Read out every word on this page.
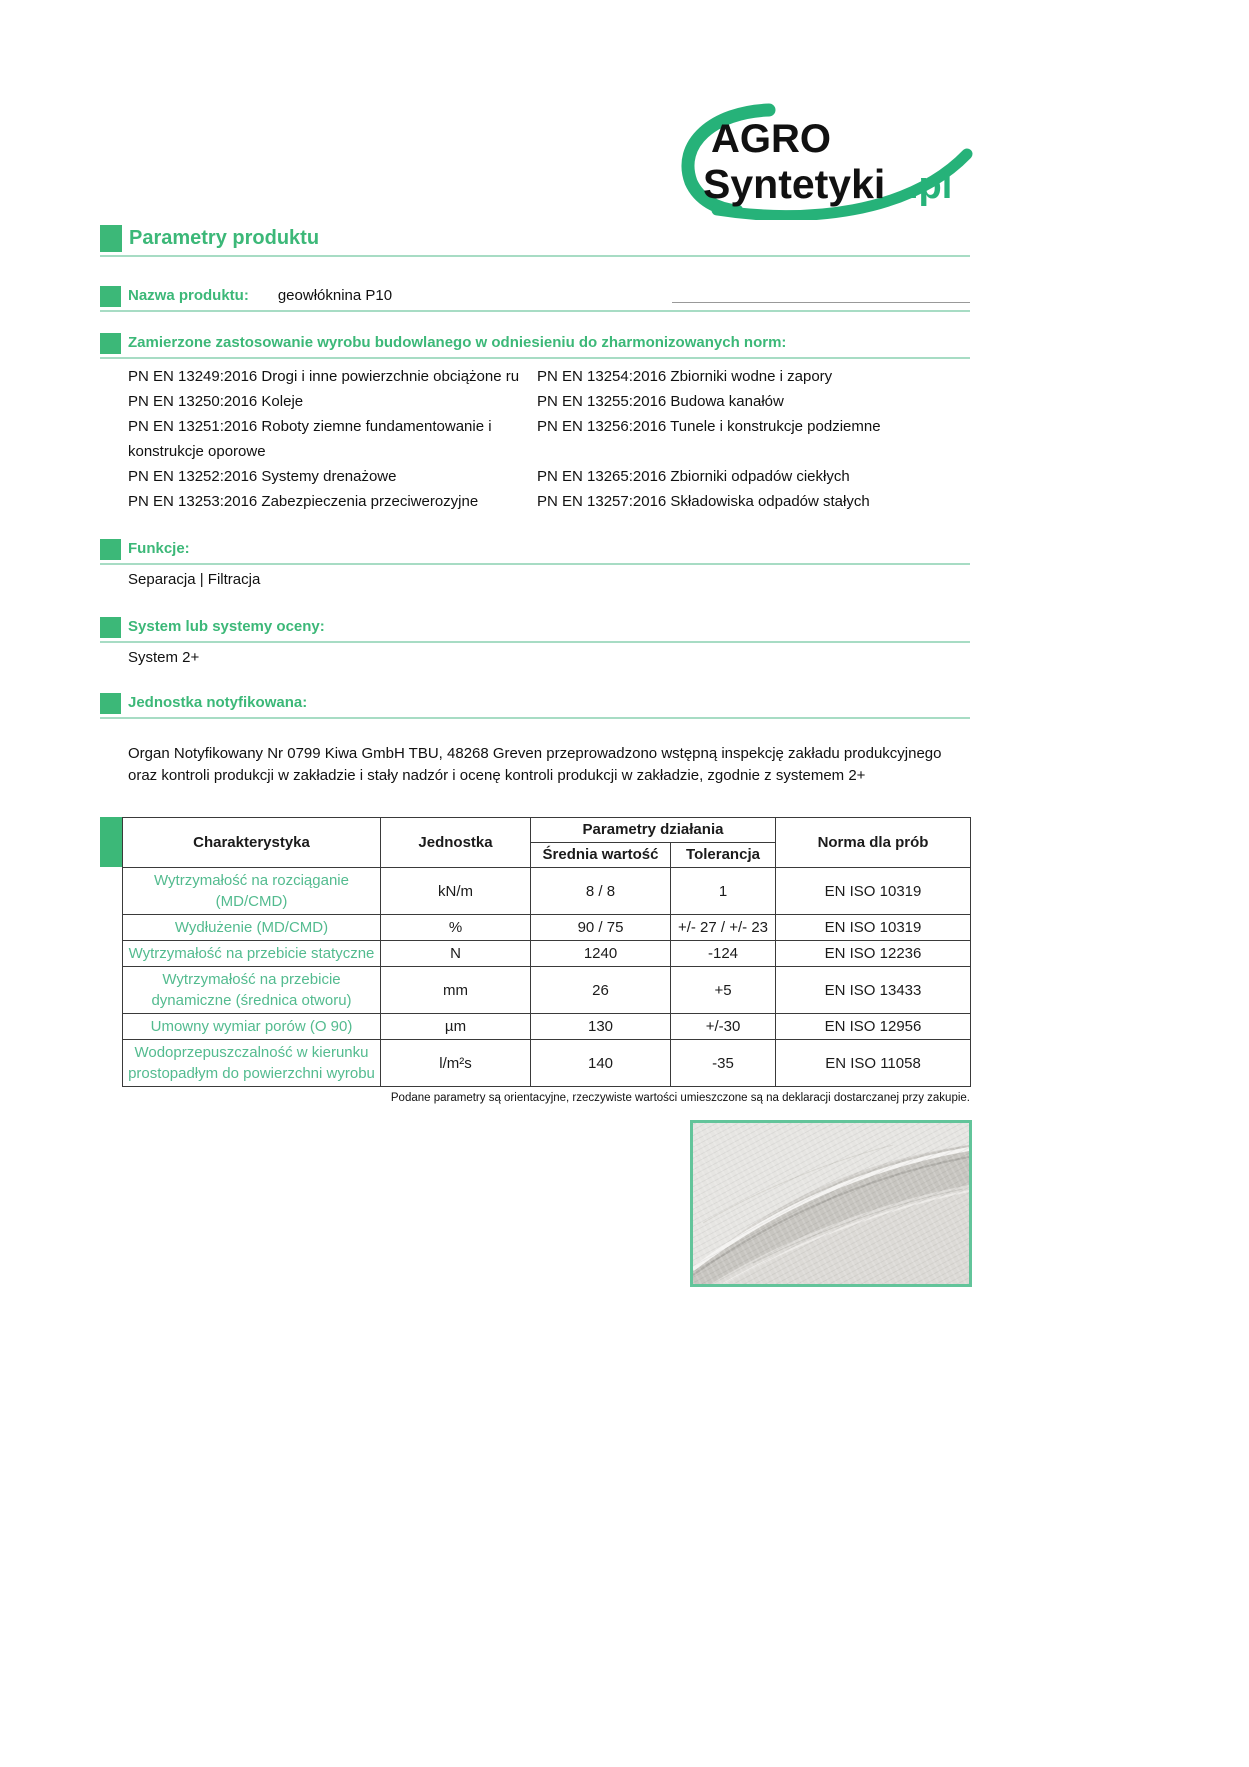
AGRO
Syntetyki .pl
Parametry produktu
Nazwa produktu: geowłóknina P10
Zamierzone zastosowanie wyrobu budowlanego w odniesieniu do zharmonizowanych norm:
PN EN 13249:2016 Drogi i inne powierzchnie obciążone ru	PN EN 13254:2016 Zbiorniki wodne i zapory
PN EN 13250:2016 Koleje	PN EN 13255:2016 Budowa kanałów
PN EN 13251:2016 Roboty ziemne fundamentowanie i konstrukcje oporowe
PN EN 13256:2016 Tunele i konstrukcje podziemne
PN EN 13252:2016 Systemy drenażowe	PN EN 13265:2016 Zbiorniki odpadów ciekłych
PN EN 13253:2016 Zabezpieczenia przeciwerozyjne	PN EN 13257:2016 Składowiska odpadów stałych
Funkcje:
Separacja | Filtracja
System lub systemy oceny:
System 2+
Jednostka notyfikowana:

Organ Notyfikowany Nr 0799 Kiwa GmbH TBU, 48268 Greven przeprowadzono wstępną inspekcję zakładu produkcyjnego oraz kontroli produkcji w zakładzie i stały nadzór i ocenę kontroli produkcji w zakładzie, zgodnie z systemem 2+

Charakterystyka	Jednostka	Parametry działania		Norma dla prób
		Średnia wartość	Tolerancja	
Wytrzymałość na rozciąganie (MD/CMD)	kN/m	8 / 8	1	EN ISO 10319
Wydłużenie (MD/CMD)	%	90 / 75	+/- 27 / +/- 23	EN ISO 10319
Wytrzymałość na przebicie statyczne	N	1240	-124	EN ISO 12236
Wytrzymałość na przebicie dynamiczne (średnica otworu)	mm	26	+5	EN ISO 13433
Umowny wymiar porów (O 90)	µm	130	+/-30	EN ISO 12956
Wodoprzepuszczalność w kierunku prostopadłym do powierzchni wyrobu	l/m²s	140	-35	EN ISO 11058
Podane parametry są orientacyjne, rzeczywiste wartości umieszczone są na deklaracji dostarczanej przy zakupie.
